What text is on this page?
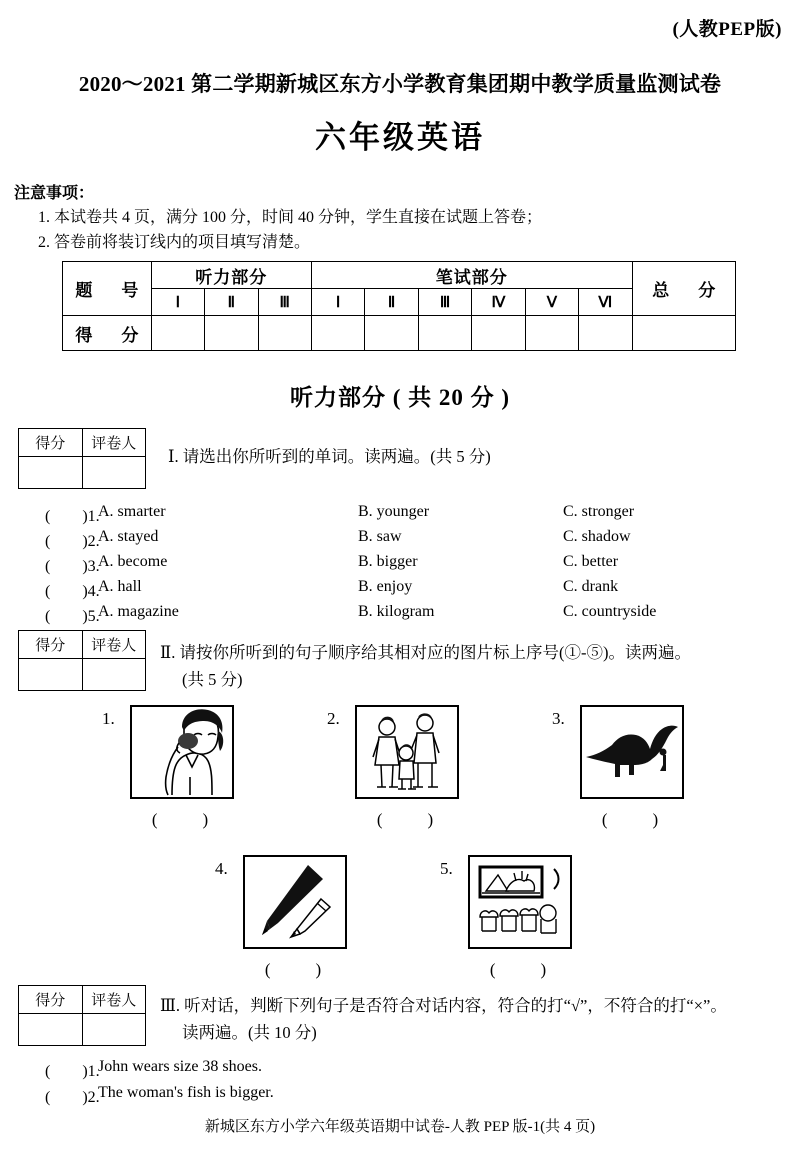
(人教PEP版)
2020～2021 第二学期新城区东方小学教育集团期中教学质量监测试卷
六年级英语
注意事项：
1. 本试卷共 4 页，满分 100 分，时间 40 分钟，学生直接在试题上答卷；
2. 答卷前将装订线内的项目填写清楚。
题　号	听力部分			笔试部分						总　分
	Ⅰ	Ⅱ	Ⅲ	Ⅰ	Ⅱ	Ⅲ	Ⅳ	Ⅴ	Ⅵ	
得　分										
听力部分 ( 共 20 分 )
得分	评卷人

Ⅰ. 请选出你所听到的单词。读两遍。(共 5 分)
(　　)1.
A. smarter	B. younger	C. stronger
(　　)2.
A. stayed	B. saw	C. shadow
(　　)3.
A. become	B. bigger	C. better
(　　)4.
A. hall	B. enjoy	C. drank
(　　)5.
A. magazine	B. kilogram	C. countryside
得分	评卷人
	Ⅱ. 请按你所听到的句子顺序给其相对应的图片标上序号(①-⑤)。读两遍。
(共 5 分)
1.
(　)
2.
(　)
3.
(　)
4.
(　)
5.
(　)
得分	评卷人
	Ⅲ. 听对话，判断下列句子是否符合对话内容，符合的打“√”，不符合的打“×”。
读两遍。(共 10 分)
(　　)1.
John wears size 38 shoes.
(　　)2.
The woman's fish is bigger.
新城区东方小学六年级英语期中试卷-人教 PEP 版-1(共 4 页)
